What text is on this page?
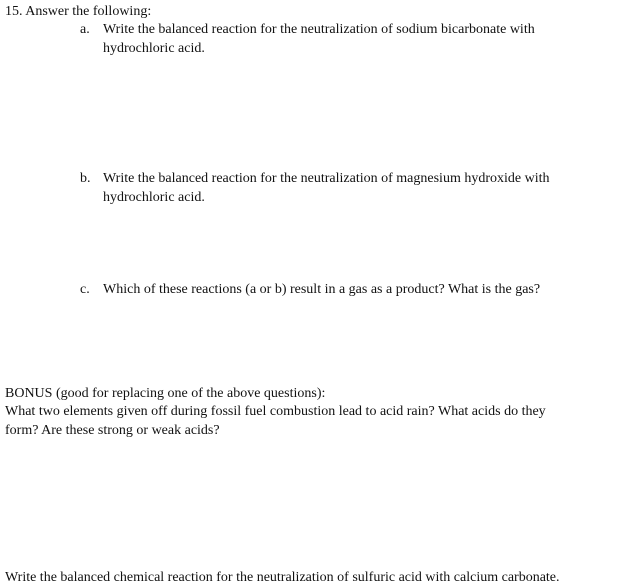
15. Answer the following:
a. Write the balanced reaction for the neutralization of sodium bicarbonate with
hydrochloric acid.
b. Write the balanced reaction for the neutralization of magnesium hydroxide with
hydrochloric acid.
c. Which of these reactions (a or b) result in a gas as a product? What is the gas?
BONUS (good for replacing one of the above questions):
What two elements given off during fossil fuel combustion lead to acid rain? What acids do they
form? Are these strong or weak acids?
Write the balanced chemical reaction for the neutralization of sulfuric acid with calcium carbonate.
